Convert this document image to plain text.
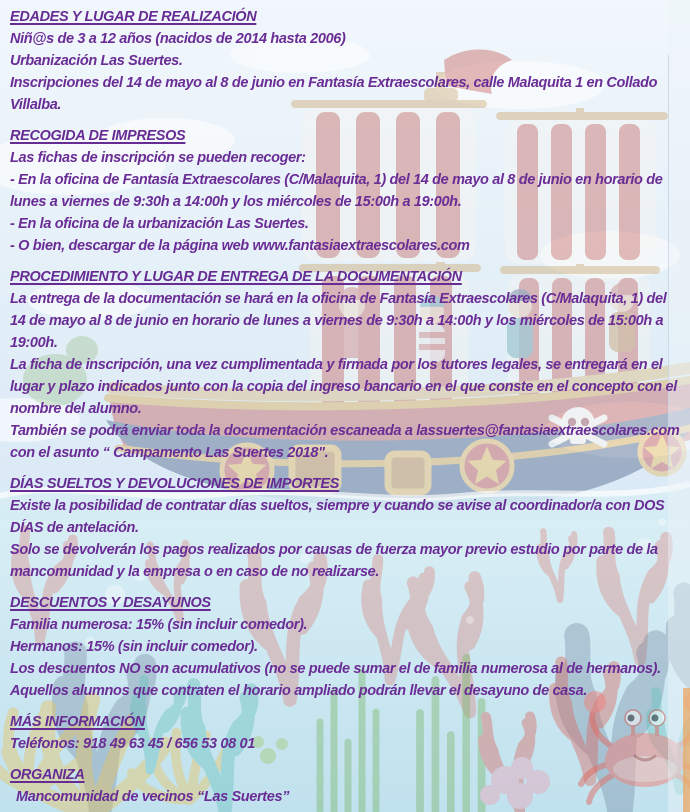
EDADES Y LUGAR DE REALIZACIÓN

Niñ@s de 3 a 12 años (nacidos de 2014 hasta 2006)

Urbanización Las Suertes.

Inscripciones del 14 de mayo al 8 de junio en Fantasía Extraescolares, calle Malaquita 1 en Collado Villalba.

RECOGIDA DE IMPRESOS

Las fichas de inscripción se pueden recoger:

- En la oficina de Fantasía Extraescolares (C/Malaquita, 1) del 14 de mayo al 8 de junio en horario de lunes a viernes de 9:30h a 14:00h y los miércoles de 15:00h a 19:00h.

- En la oficina de la urbanización Las Suertes.

- O bien, descargar de la página web www.fantasiaextraescolares.com

PROCEDIMIENTO Y LUGAR DE ENTREGA DE LA DOCUMENTACIÓN

La entrega de la documentación se hará en la oficina de Fantasía Extraescolares (C/Malaquita, 1) del 14 de mayo al 8 de junio en horario de lunes a viernes de 9:30h a 14:00h y los miércoles de 15:00h a 19:00h.

La ficha de inscripción, una vez cumplimentada y firmada por los tutores legales, se entregará en el lugar y plazo indicados junto con la copia del ingreso bancario en el que conste en el concepto con el nombre del alumno.

También se podrá enviar toda la documentación escaneada a lassuertes@fantasiaextraescolares.com con el asunto “ Campamento Las Suertes 2018".

DÍAS SUELTOS Y DEVOLUCIONES DE IMPORTES

Existe la posibilidad de contratar días sueltos, siempre y cuando se avise al coordinador/a con DOS DÍAS de antelación.

Solo se devolverán los pagos realizados por causas de fuerza mayor previo estudio por parte de la mancomunidad y la empresa o en caso de no realizarse.

DESCUENTOS Y DESAYUNOS

Familia numerosa: 15% (sin incluir comedor).

Hermanos: 15% (sin incluir comedor).

Los descuentos NO son acumulativos (no se puede sumar el de familia numerosa al de hermanos).

Aquellos alumnos que contraten el horario ampliado podrán llevar el desayuno de casa.

MÁS INFORMACIÓN

Teléfonos: 918 49 63 45 / 656 53 08 01

ORGANIZA

Mancomunidad de vecinos “Las Suertes”
